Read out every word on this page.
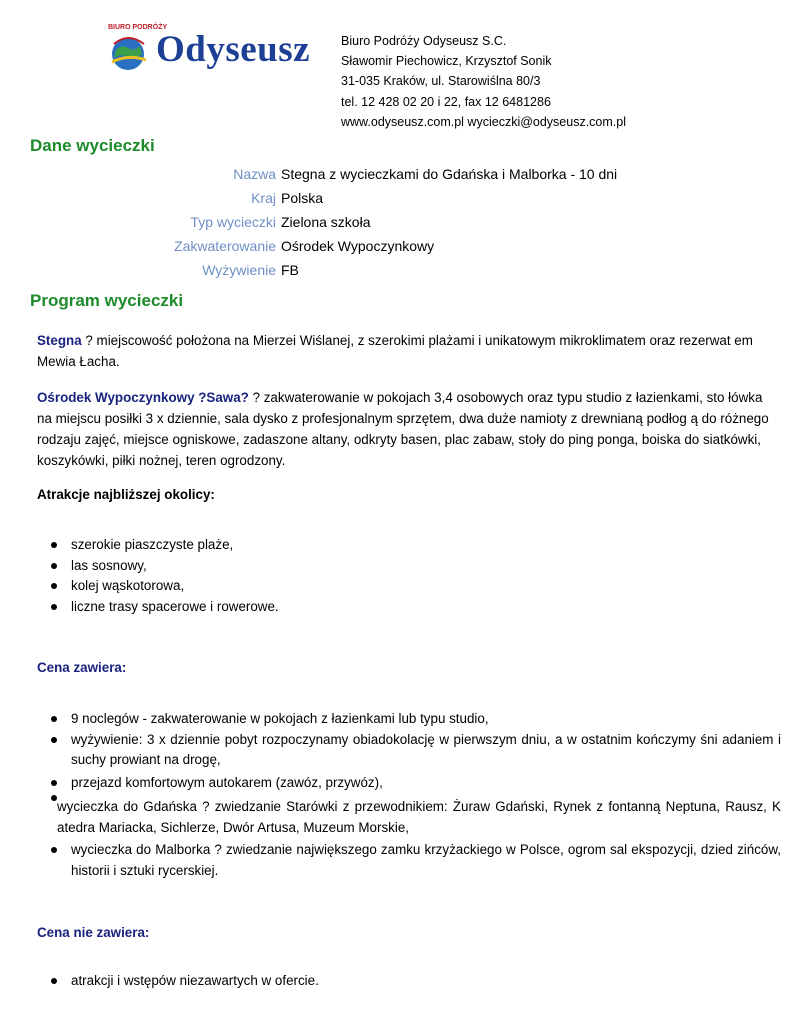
BIURO PODRÓŻY
Odyseusz Biuro Podróży Odyseusz S.C.
Sławomir Piechowicz, Krzysztof Sonik
31-035 Kraków, ul. Starowiślna 80/3
tel. 12 428 02 20 i 22, fax 12 6481286
www.odyseusz.com.pl wycieczki@odyseusz.com.pl
Dane wycieczki
Nazwa Stegna z wycieczkami do Gdańska i Malborka - 10 dni
Kraj Polska
Typ wycieczki Zielona szkoła
Zakwaterowanie Ośrodek Wypoczynkowy
Wyżywienie FB
Program wycieczki

Stegna ? miejscowość położona na Mierzei Wiślanej, z szerokimi plażami i unikatowym mikroklimatem oraz rezerwat em Mewia Łacha.

Ośrodek Wypoczynkowy ?Sawa? ? zakwaterowanie w pokojach 3,4 osobowych oraz typu studio z łazienkami, sto łówka na miejscu posiłki 3 x dziennie, sala dysko z profesjonalnym sprzętem, dwa duże namioty z drewnianą podłog ą do różnego rodzaju zajęć, miejsce ogniskowe, zadaszone altany, odkryty basen, plac zabaw, stoły do ping ponga, boiska do siatkówki, koszykówki, piłki nożnej, teren ogrodzony.

Atrakcje najbliższej okolicy:

szerokie piaszczyste plaże,
las sosnowy,
kolej wąskotorowa,
liczne trasy spacerowe i rowerowe.

Cena zawiera:

9 noclegów - zakwaterowanie w pokojach z łazienkami lub typu studio,
wyżywienie: 3 x dziennie pobyt rozpoczynamy obiadokolację w pierwszym dniu, a w ostatnim kończymy śni adaniem i suchy prowiant na drogę,
przejazd komfortowym autokarem (zawóz, przywóz),
wycieczka do Gdańska ? zwiedzanie Starówki z przewodnikiem: Żuraw Gdański, Rynek z fontanną Neptuna, Rausz, K atedra Mariacka, Sichlerze, Dwór Artusa, Muzeum Morskie,
wycieczka do Malborka ? zwiedzanie największego zamku krzyżackiego w Polsce, ogrom sal ekspozycji, dzied zińców, historii i sztuki rycerskiej.

Cena nie zawiera:

atrakcji i wstępów niezawartych w ofercie.
